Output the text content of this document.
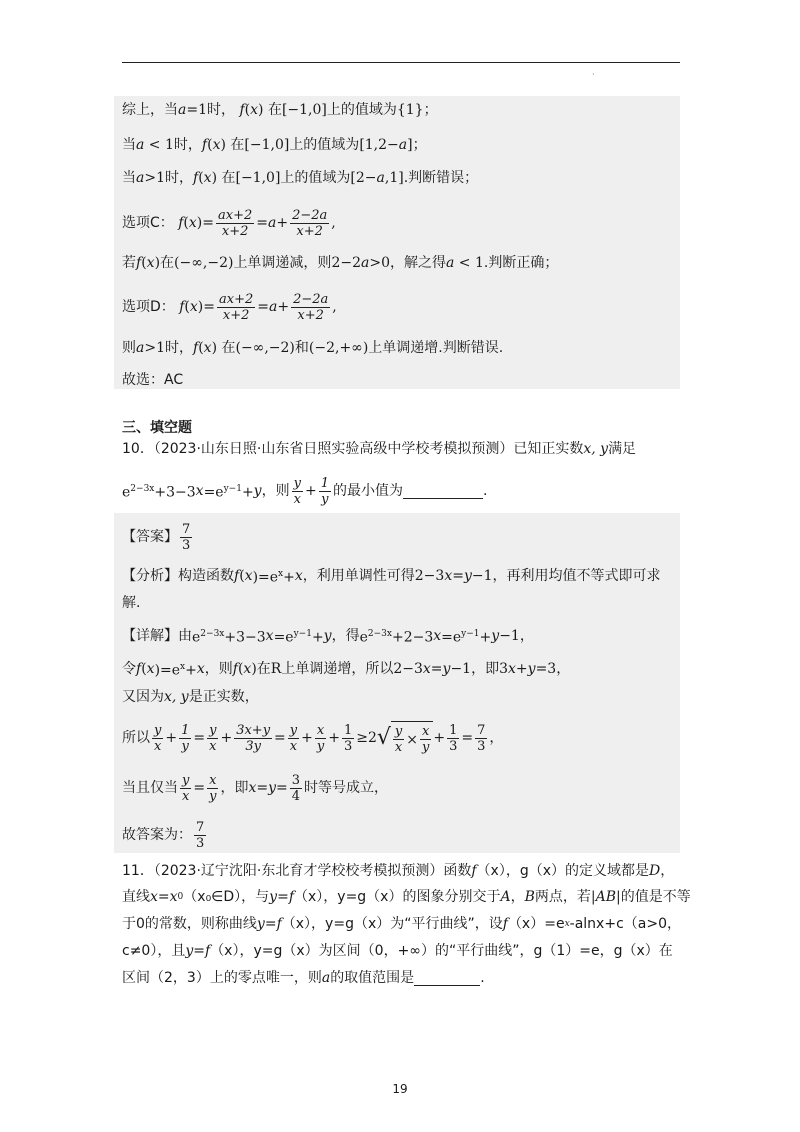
·
综上，当 a =1 时， f ( x ) 在 [−1,0] 上的值域为 {1} ；
当 a < 1 时， f ( x ) 在 [−1,0] 上的值域为 [1,2− a ] ；
当 a >1 时， f ( x ) 在 [−1,0] 上的值域为 [2− a ,1] .判断错误；
选项C： f ( x )= $\frac{ax+2}{x+2} = a + \frac{2-2a}{x+2}$ ,
若 f ( x ) 在 (−∞,−2) 上单调递减，则 2−2 a >0 ，解之得 a < 1 .判断正确；
选项D： f ( x )= $\frac{ax+2}{x+2} = a + \frac{2-2a}{x+2}$ ,
则 a >1 时， f ( x ) 在 (−∞,−2) 和 (−2,+∞) 上单调递增.判断错误.
故选：AC
三、填空题
10．（2023·山东日照·山东省日照实验高级中学校考模拟预测）已知正实数 x, y 满足
$e^{2-3x}+3-3$ $x =e^{y-1}+ y$ ，则 $\frac{y}{x} + \frac{1}{y}$ 的最小值为	.
【答案】 $\frac{7}{3}$
【分析】构造函数 f ( x )$=e^x+ x$ ，利用单调性可得 2−3 x = y −1 ，再利用均值不等式即可求
解.
【详解】由 $e^{2-3x}+3-3$ $x =e^{y-1}+ y$ ，得 $e^{2-3x}+2-3$ $x =e^{y-1}+ y -1$ ，
令 f ( x )$=e^x+ x$ ，则 f ( x ) 在 R 上单调递增，所以 2−3 x = y −1 ，即 3 x + y =3 ，
又因为 x, y 是正实数，
所以 $\frac{y}{x} + \frac{1}{y} = \frac{y}{x} + \frac{3x+y}{3y} = \frac{y}{x} + \frac{x}{y} + \frac{1}{3} \ge 2$ √ $\frac{y}{x} \times \frac{x}{y} + \frac{1}{3} = \frac{7}{3}$ ，
当且仅当 $\frac{y}{x} = \frac{x}{y}$ ，即 $x = y = \frac{3}{4}$ 时等号成立，
故答案为： $\frac{7}{3}$
11．（2023·辽宁沈阳·东北育才学校校考模拟预测）函数 f （x），g（x）的定义域都是 D ，
直线 x = x 0 （x₀∈D），与 y = f （x），y=g（x）的图象分别交于 A ， B 两点，若 | AB | 的值是不等
于0的常数，则称曲线 y = f （x），y=g（x）为“平行曲线”，设 f （x）=e x -alnx+c（a>0，
c≠0），且 y = f （x），y=g（x）为区间（0，+∞）的“平行曲线”，g（1）=e，g（x）在
区间（2，3）上的零点唯一，则 a 的取值范围是	.
19
